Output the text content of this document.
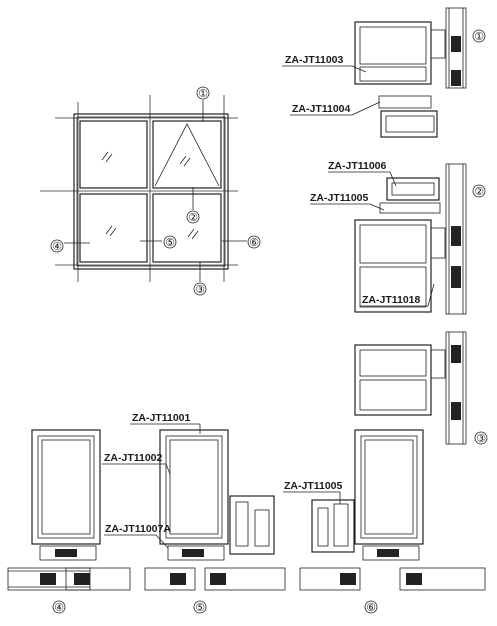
①
②
③
④	⑤	⑥
ZA-JT11003
ZA-JT11004
ZA-JT11006
ZA-JT11005
ZA-JT11018
①
②
③
ZA-JT11001
ZA-JT11002
ZA-JT11007A
ZA-JT11005
④	⑤	⑥
